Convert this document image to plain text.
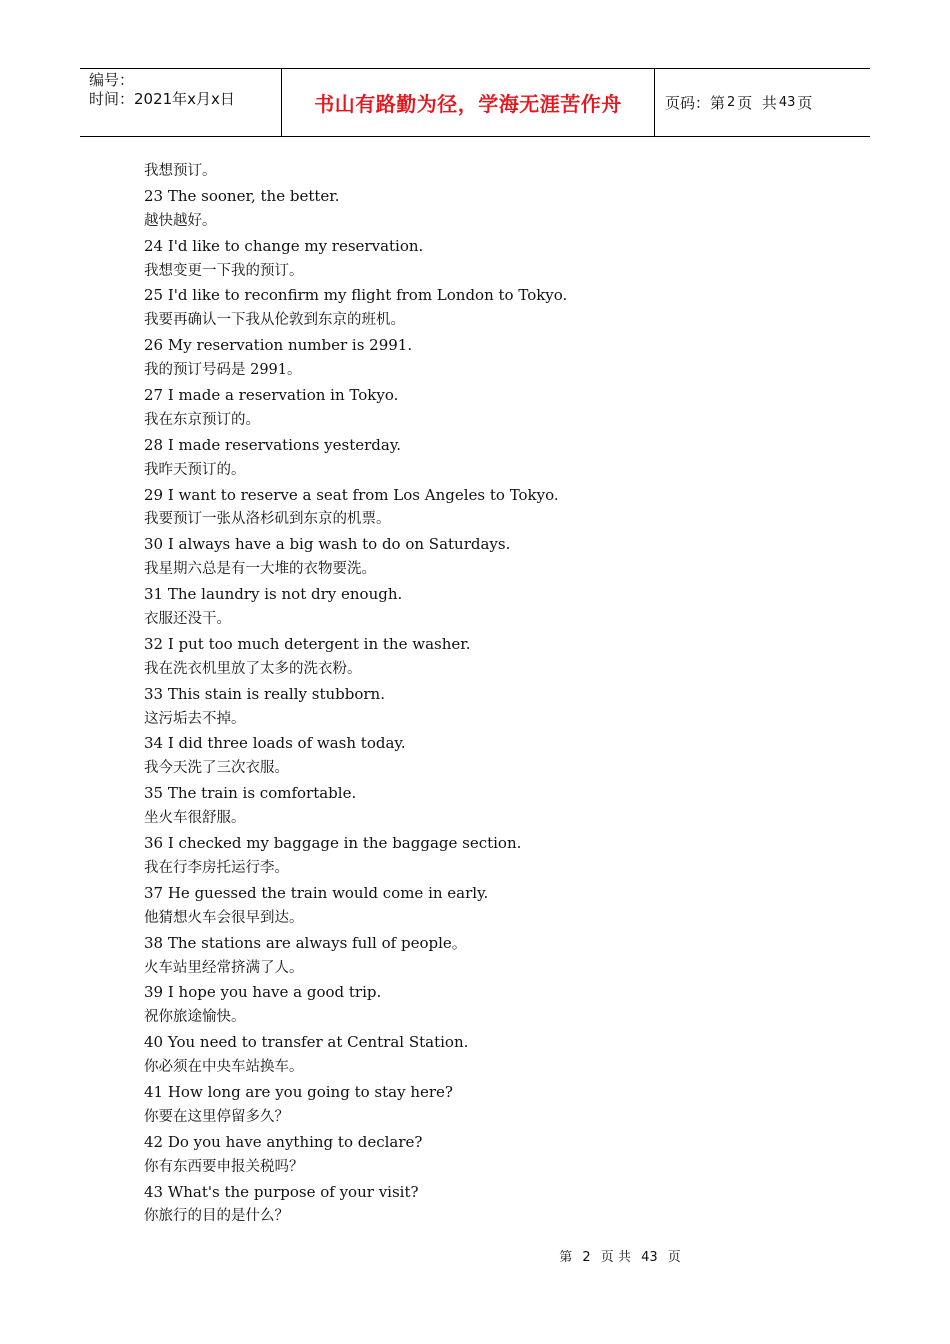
编号：
时间：2021年x月x日	书山有路勤为径，学海无涯苦作舟	页码：第 2 页  共 43 页
我想预订。
23 The sooner, the better.
越快越好。
24 I'd like to change my reservation.
我想变更一下我的预订。
25 I'd like to reconfirm my flight from London to Tokyo.
我要再确认一下我从伦敦到东京的班机。
26 My reservation number is 2991.
我的预订号码是 2991。
27 I made a reservation in Tokyo.
我在东京预订的。
28 I made reservations yesterday.
我昨天预订的。
29 I want to reserve a seat from Los Angeles to Tokyo.
我要预订一张从洛杉矶到东京的机票。
30 I always have a big wash to do on Saturdays.
我星期六总是有一大堆的衣物要洗。
31 The laundry is not dry enough.
衣服还没干。
32 I put too much detergent in the washer.
我在洗衣机里放了太多的洗衣粉。
33 This stain is really stubborn.
这污垢去不掉。
34 I did three loads of wash today.
我今天洗了三次衣服。
35 The train is comfortable.
坐火车很舒服。
36 I checked my baggage in the baggage section.
我在行李房托运行李。
37 He guessed the train would come in early.
他猜想火车会很早到达。
38 The stations are always full of people。
火车站里经常挤满了人。
39 I hope you have a good trip.
祝你旅途愉快。
40 You need to transfer at Central Station.
你必须在中央车站换车。
41 How long are you going to stay here?
你要在这里停留多久？
42 Do you have anything to declare?
你有东西要申报关税吗？
43 What's the purpose of your visit?
你旅行的目的是什么？
第 2 页 共 43 页
